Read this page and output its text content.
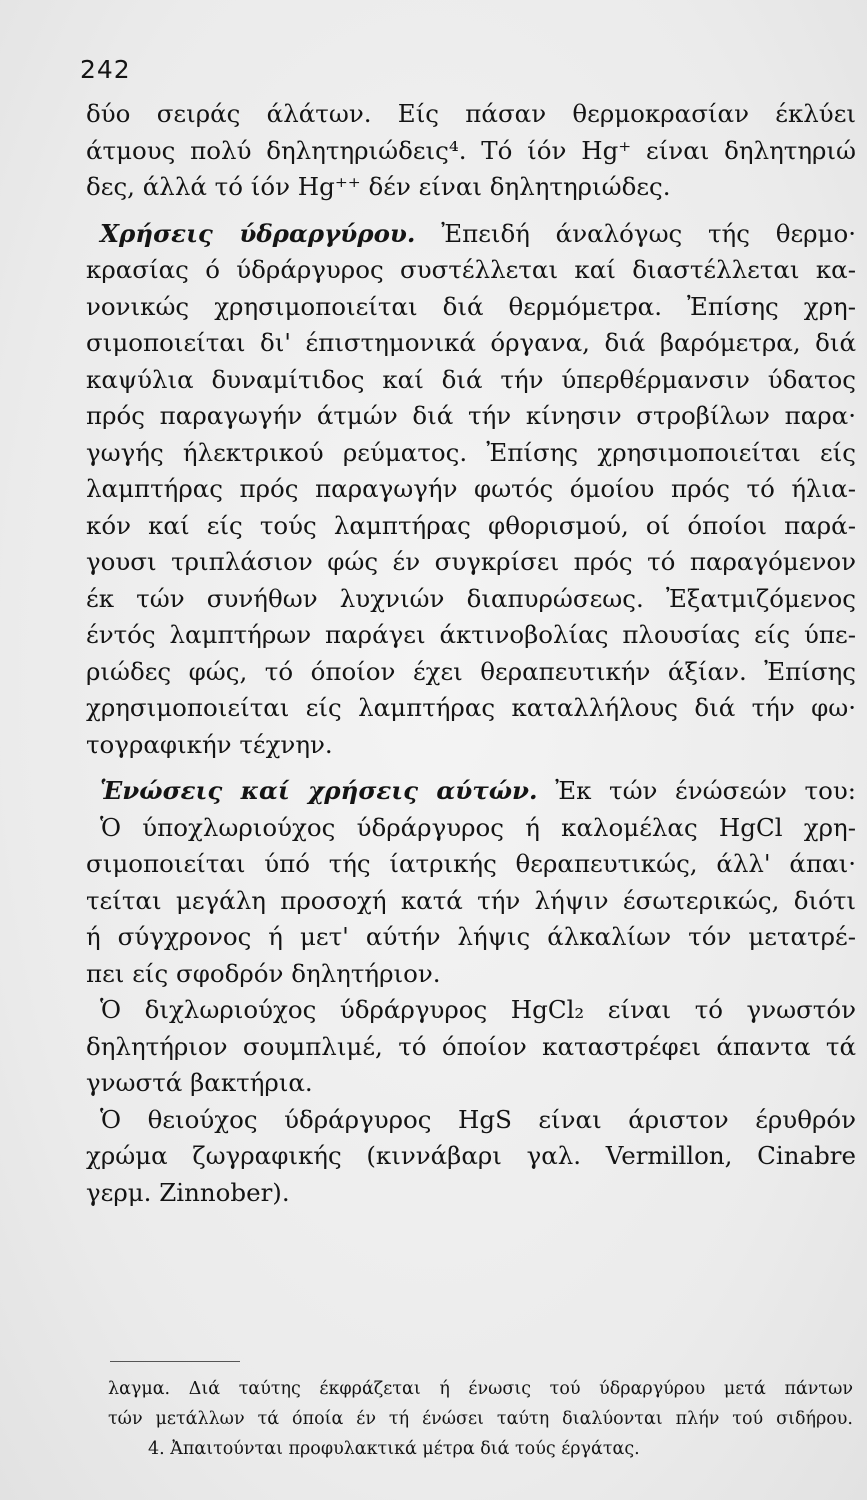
242
δύο σειράς άλάτων. Είς πάσαν θερμοκρασίαν έκλύει
άτμους πολύ δηλητηριώδεις⁴. Τό ίόν Hg⁺ είναι δηλητηριώ
δες, άλλά τό ίόν Hg⁺⁺ δέν είναι δηλητηριώδες.
Χρήσεις ύδραργύρου. Ἐπειδή άναλόγως τής θερμο·
κρασίας ό ύδράργυρος συστέλλεται καί διαστέλλεται κα-
νονικώς χρησιμοποιείται διά θερμόμετρα. Ἐπίσης χρη-
σιμοποιείται δι' έπιστημονικά όργανα, διά βαρόμετρα, διά
καψύλια δυναμίτιδος καί διά τήν ύπερθέρμανσιν ύδατος
πρός παραγωγήν άτμών διά τήν κίνησιν στροβίλων παρα·
γωγής ήλεκτρικού ρεύματος. Ἐπίσης χρησιμοποιείται είς
λαμπτήρας πρός παραγωγήν φωτός όμοίου πρός τό ήλια-
κόν καί είς τούς λαμπτήρας φθορισμού, οί όποίοι παρά-
γουσι τριπλάσιον φώς έν συγκρίσει πρός τό παραγόμενον
έκ τών συνήθων λυχνιών διαπυρώσεως. Ἐξατμιζόμενος
έντός λαμπτήρων παράγει άκτινοβολίας πλουσίας είς ύπε-
ριώδες φώς, τό όποίον έχει θεραπευτικήν άξίαν. Ἐπίσης
χρησιμοποιείται είς λαμπτήρας καταλλήλους διά τήν φω·
τογραφικήν τέχνην.
Ἑνώσεις καί χρήσεις αύτών. Ἐκ τών ένώσεών του:
Ὁ ύποχλωριούχος ύδράργυρος ή καλομέλας HgCl χρη-
σιμοποιείται ύπό τής ίατρικής θεραπευτικώς, άλλ' άπαι·
τείται μεγάλη προσοχή κατά τήν λήψιν έσωτερικώς, διότι
ή σύγχρονος ή μετ' αύτήν λήψις άλκαλίων τόν μετατρέ-
πει είς σφοδρόν δηλητήριον.
Ὁ διχλωριούχος ύδράργυρος HgCl₂ είναι τό γνωστόν
δηλητήριον σουμπλιμέ, τό όποίον καταστρέφει άπαντα τά
γνωστά βακτήρια.
Ὁ θειούχος ύδράργυρος HgS είναι άριστον έρυθρόν
χρώμα ζωγραφικής (κιννάβαρι γαλ. Vermillon, Cinabre
γερμ. Zinnober).
λαγμα. Διά ταύτης έκφράζεται ή ένωσις τού ύδραργύρου μετά πάντων
τών μετάλλων τά όποία έν τή ένώσει ταύτη διαλύονται πλήν τού σιδήρου.
4. Ἀπαιτούνται προφυλακτικά μέτρα διά τούς έργάτας.
